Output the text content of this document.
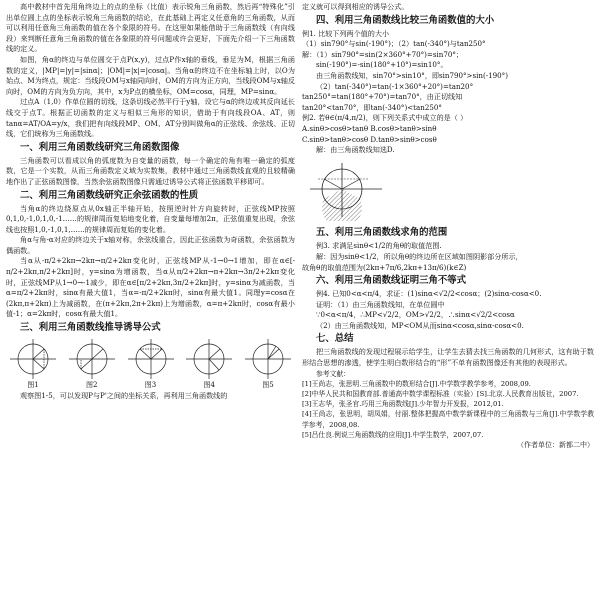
高中教材中首先用角终边上的点的坐标（比值）表示锐角三角函数，然后再“特殊化”引出单位圆上点的坐标表示锐角三角函数的结论，在此基础上再定义任意角的三角函数，从而可以利用任意角三角函数的值在各个象限的符号。在这里如果能借助于三角函数线（有向线段）来判断任意角三角函数的值在各象限的符号问题或许会更好，下面先介绍一下三角函数线的定义。

如图，角α的终边与单位圆交于点P(x,y)，过点P作x轴的垂线，垂足为M，根据三角函数的定义，|MP|=|y|=|sinα|；|OM|=|x|=|cosα|。当角α的终边不在坐标轴上时，以O为始点、M为终点，规定：当线段OM与x轴同向时，OM的方向为正方向，当线段OM与x轴反向时，OM的方向为负方向，其中，x为P点的横坐标，OM=cosα，同理，MP=sinα。

过点A（1,0）作单位圆的切线，这条切线必然平行于y轴，设它与α的终边或其反向延长线交于点T。根据正切函数的定义与相似三角形的知识，借助于有向线段OA、AT，则tanα=AT/OA=y/x，我们把有向线段MP、OM、AT分别叫做角α的正弦线、余弦线、正切线，它们统称为三角函数线。

一、利用三角函数线研究三角函数图像

三角函数可以看成以角的弧度数为自变量的函数，每一个确定的角有唯一确定的弧度数，它是一个实数，从而三角函数定义域为实数集，教材中通过三角函数线直观的且较精确地作出了正弦函数图像，当然余弦函数图像只需通过诱导公式将正弦函数平移即可。

二、利用三角函数线研究正余弦函数的性质

当角α的终边绕原点从0x轴正半轴开始，按照逆时针方向旋转时，正弦线MP按照0,1,0,-1,0,1,0,-1……的规律周而复始地变化着，自变量每增加2π，正弦值重复出现，余弦线也按照1,0,-1,0,1,……的规律周而复始的变化着。

角α与角-α对应的终边关于x轴对称，余弦线重合，因此正弦函数为奇函数，余弦函数为偶函数。

当α从-π/2+2kπ→2kπ→π/2+2kπ变化时，正弦线MP从-1→0→1增加，即在α∈[-π/2+2kπ,π/2+2kπ]时，y=sinα为增函数，当α从π/2+2kπ→π+2kπ→3π/2+2kπ变化时，正弦线MP从1→0→-1减少，即在α∈[π/2+2kπ,3π/2+2kπ]时，y=sinα为减函数，当α=π/2+2kπ时，sinα有最大值1，当α=-π/2+2kπ时，sinα有最大值1。同理y=cosα在(2kπ,π+2kπ)上为减函数，在(π+2kπ,2π+2kπ)上为增函数，α=π+2kπ时，cosα有最小值-1；α=2kπ时，cosα有最大值1。

三、利用三角函数线推导诱导公式
图1	图2	图3	图4	图5

观察图1-5，可以发现P与P'之间的坐标关系，再利用三角函数线的

定义就可以得到相应的诱导公式。

四、利用三角函数线比较三角函数值的大小

例1. 比较下列两个值的大小

（1）sin790°与sin(-190°)；（2）tan(-340°)与tan250°

解：（1）sin790°=sin(2×360°+70°)=sin70°；

sin(-190°)=-sin(180°+10°)=sin10°。

由三角函数线知，sin70°>sin10°，即sin790°>sin(-190°)

（2）tan(-340°)=tan(-1×360°+20°)=tan20°

tan250°=tan(180°+70°)=tan70°，由正切线知

tan20°<tan70°，即tan(-340°)<tan250°

例2. 若θ∈(π/4,π/2)，则下列关系式中成立的是（ ）

A.sinθ>cosθ>tanθ B.cosθ>tanθ>sinθ

C.sinθ>tanθ>cosθ D.tanθ>sinθ>cosθ

解：由三角函数线知选D.

五、利用三角函数线求角的范围

例3. 求满足sinθ<1/2的角θ的取值范围.

解：因为sinθ<1/2，所以角θ的终边所在区域如图阴影部分所示，

故角θ的取值范围为(2kπ+7π/6,2kπ+13π/6)(k∈Z)

六、利用三角函数线证明三角不等式

例4. 已知0<α<π/4，求证：(1)sinα<√2/2<cosα；(2)sinα-cosα<0.

证明：（1）由三角函数线知，在单位圆中

∵0<α<π/4，∴MP<√2/2，OM>√2/2，∴sinα<√2/2<cosα

（2）由三角函数线知，MP<OM从而sinα<cosα,sinα-cosα<0.

七、总结

把三角函数线的发现过程展示给学生，让学生去猜去找三角函数的几何形式，这有助于数形结合思想的渗透，使学生明白数形结合的“形”不单有函数图像还有其他的表现形式。

参考文献：

[1]王尚志，张思明.三角函数中的数形结合[J].中学数学教学参考，2008,09.

[2]中华人民共和国教育部.普通高中数学课程标准（实验）[S].北京.人民教育出版社，2007.

[3]王志华，张圣官.巧用三角函数线[J].少年智力开发报，2012,01.

[4]王尚志，张思明，胡凤娟，付丽.整体把握高中数学新课程中的三角函数与三角[J].中学数学教学参考，2008,08.

[5]吕仕良.例说三角函数线的应用[J].中学生数学，2007,07.

（作者单位：新都二中）
